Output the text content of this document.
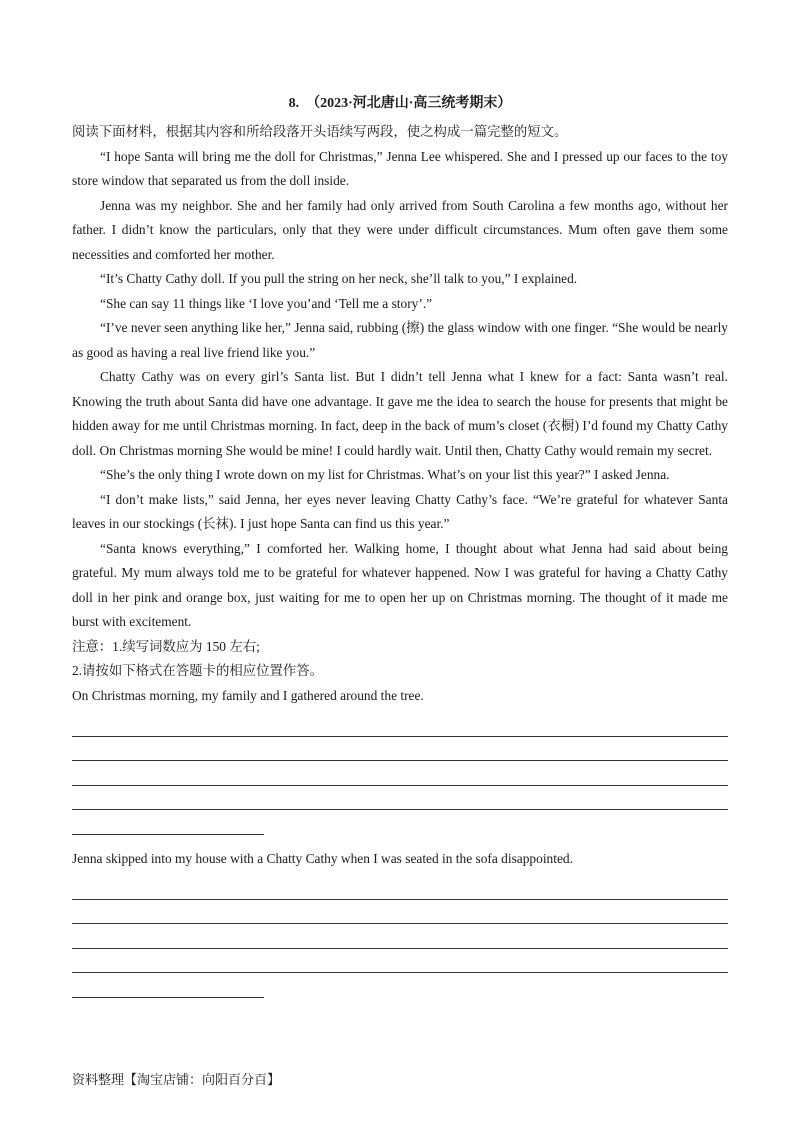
8.　（2023·河北唐山·高三统考期末）

阅读下面材料，根据其内容和所给段落开头语续写两段，使之构成一篇完整的短文。

“I hope Santa will bring me the doll for Christmas,” Jenna Lee whispered. She and I pressed up our faces to the toy store window that separated us from the doll inside.

Jenna was my neighbor. She and her family had only arrived from South Carolina a few months ago, without her father. I didn’t know the particulars, only that they were under difficult circumstances. Mum often gave them some necessities and comforted her mother.

“It’s Chatty Cathy doll. If you pull the string on her neck, she’ll talk to you,” I explained.

“She can say 11 things like ‘I love you’and ‘Tell me a story’.”

“I’ve never seen anything like her,” Jenna said, rubbing (擦) the glass window with one finger. “She would be nearly as good as having a real live friend like you.”

Chatty Cathy was on every girl’s Santa list. But I didn’t tell Jenna what I knew for a fact: Santa wasn’t real. Knowing the truth about Santa did have one advantage. It gave me the idea to search the house for presents that might be hidden away for me until Christmas morning. In fact, deep in the back of mum’s closet (衣橱) I’d found my Chatty Cathy doll. On Christmas morning She would be mine! I could hardly wait. Until then, Chatty Cathy would remain my secret.

“She’s the only thing I wrote down on my list for Christmas. What’s on your list this year?” I asked Jenna.

“I don’t make lists,” said Jenna, her eyes never leaving Chatty Cathy’s face. “We’re grateful for whatever Santa leaves in our stockings (长袜). I just hope Santa can find us this year.”

“Santa knows everything,” I comforted her. Walking home, I thought about what Jenna had said about being grateful. My mum always told me to be grateful for whatever happened. Now I was grateful for having a Chatty Cathy doll in her pink and orange box, just waiting for me to open her up on Christmas morning. The thought of it made me burst with excitement.

注意：1.续写词数应为 150 左右;

2.请按如下格式在答题卡的相应位置作答。

On Christmas morning, my family and I gathered around the tree.

Jenna skipped into my house with a Chatty Cathy when I was seated in the sofa disappointed.

资料整理【淘宝店铺：向阳百分百】
